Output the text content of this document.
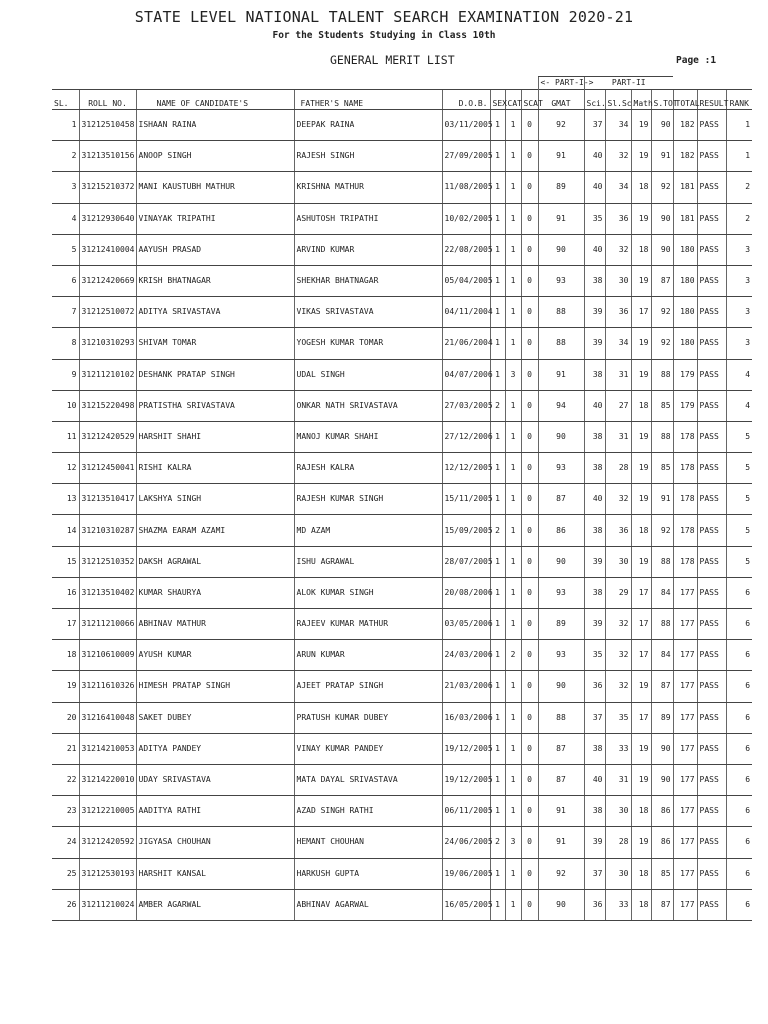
STATE LEVEL NATIONAL TALENT SEARCH EXAMINATION 2020-21
For the Students Studying in Class 10th
GENERAL MERIT LIST	Page :1
								<- PART-I->	PART-II						
SL.	ROLL NO.	NAME OF CANDIDATE'S	FATHER'S NAME	D.O.B.	SEX	CAT	SCAT	GMAT	Sci.	Sl.Sc.	Math	S.TOT	TOTAL	RESULT	RANK
1	31212510458	ISHAAN RAINA	DEEPAK RAINA	03/11/2005	1	1	0	92	37	34	19	90	182	PASS	1
2	31213510156	ANOOP SINGH	RAJESH SINGH	27/09/2005	1	1	0	91	40	32	19	91	182	PASS	1
3	31215210372	MANI KAUSTUBH MATHUR	KRISHNA MATHUR	11/08/2005	1	1	0	89	40	34	18	92	181	PASS	2
4	31212930640	VINAYAK TRIPATHI	ASHUTOSH TRIPATHI	10/02/2005	1	1	0	91	35	36	19	90	181	PASS	2
5	31212410004	AAYUSH PRASAD	ARVIND KUMAR	22/08/2005	1	1	0	90	40	32	18	90	180	PASS	3
6	31212420669	KRISH BHATNAGAR	SHEKHAR BHATNAGAR	05/04/2005	1	1	0	93	38	30	19	87	180	PASS	3
7	31212510072	ADITYA SRIVASTAVA	VIKAS SRIVASTAVA	04/11/2004	1	1	0	88	39	36	17	92	180	PASS	3
8	31210310293	SHIVAM TOMAR	YOGESH KUMAR TOMAR	21/06/2004	1	1	0	88	39	34	19	92	180	PASS	3
9	31211210102	DESHANK PRATAP SINGH	UDAL SINGH	04/07/2006	1	3	0	91	38	31	19	88	179	PASS	4
10	31215220498	PRATISTHA SRIVASTAVA	ONKAR NATH SRIVASTAVA	27/03/2005	2	1	0	94	40	27	18	85	179	PASS	4
11	31212420529	HARSHIT SHAHI	MANOJ KUMAR SHAHI	27/12/2006	1	1	0	90	38	31	19	88	178	PASS	5
12	31212450041	RISHI KALRA	RAJESH KALRA	12/12/2005	1	1	0	93	38	28	19	85	178	PASS	5
13	31213510417	LAKSHYA SINGH	RAJESH KUMAR SINGH	15/11/2005	1	1	0	87	40	32	19	91	178	PASS	5
14	31210310287	SHAZMA EARAM AZAMI	MD AZAM	15/09/2005	2	1	0	86	38	36	18	92	178	PASS	5
15	31212510352	DAKSH AGRAWAL	ISHU AGRAWAL	28/07/2005	1	1	0	90	39	30	19	88	178	PASS	5
16	31213510402	KUMAR SHAURYA	ALOK KUMAR SINGH	20/08/2006	1	1	0	93	38	29	17	84	177	PASS	6
17	31211210066	ABHINAV MATHUR	RAJEEV KUMAR MATHUR	03/05/2006	1	1	0	89	39	32	17	88	177	PASS	6
18	31210610009	AYUSH KUMAR	ARUN KUMAR	24/03/2006	1	2	0	93	35	32	17	84	177	PASS	6
19	31211610326	HIMESH PRATAP SINGH	AJEET PRATAP SINGH	21/03/2006	1	1	0	90	36	32	19	87	177	PASS	6
20	31216410048	SAKET DUBEY	PRATUSH KUMAR DUBEY	16/03/2006	1	1	0	88	37	35	17	89	177	PASS	6
21	31214210053	ADITYA PANDEY	VINAY KUMAR PANDEY	19/12/2005	1	1	0	87	38	33	19	90	177	PASS	6
22	31214220010	UDAY SRIVASTAVA	MATA DAYAL SRIVASTAVA	19/12/2005	1	1	0	87	40	31	19	90	177	PASS	6
23	31212210005	AADITYA RATHI	AZAD SINGH RATHI	06/11/2005	1	1	0	91	38	30	18	86	177	PASS	6
24	31212420592	JIGYASA CHOUHAN	HEMANT CHOUHAN	24/06/2005	2	3	0	91	39	28	19	86	177	PASS	6
25	31212530193	HARSHIT KANSAL	HARKUSH GUPTA	19/06/2005	1	1	0	92	37	30	18	85	177	PASS	6
26	31211210024	AMBER AGARWAL	ABHINAV AGARWAL	16/05/2005	1	1	0	90	36	33	18	87	177	PASS	6
